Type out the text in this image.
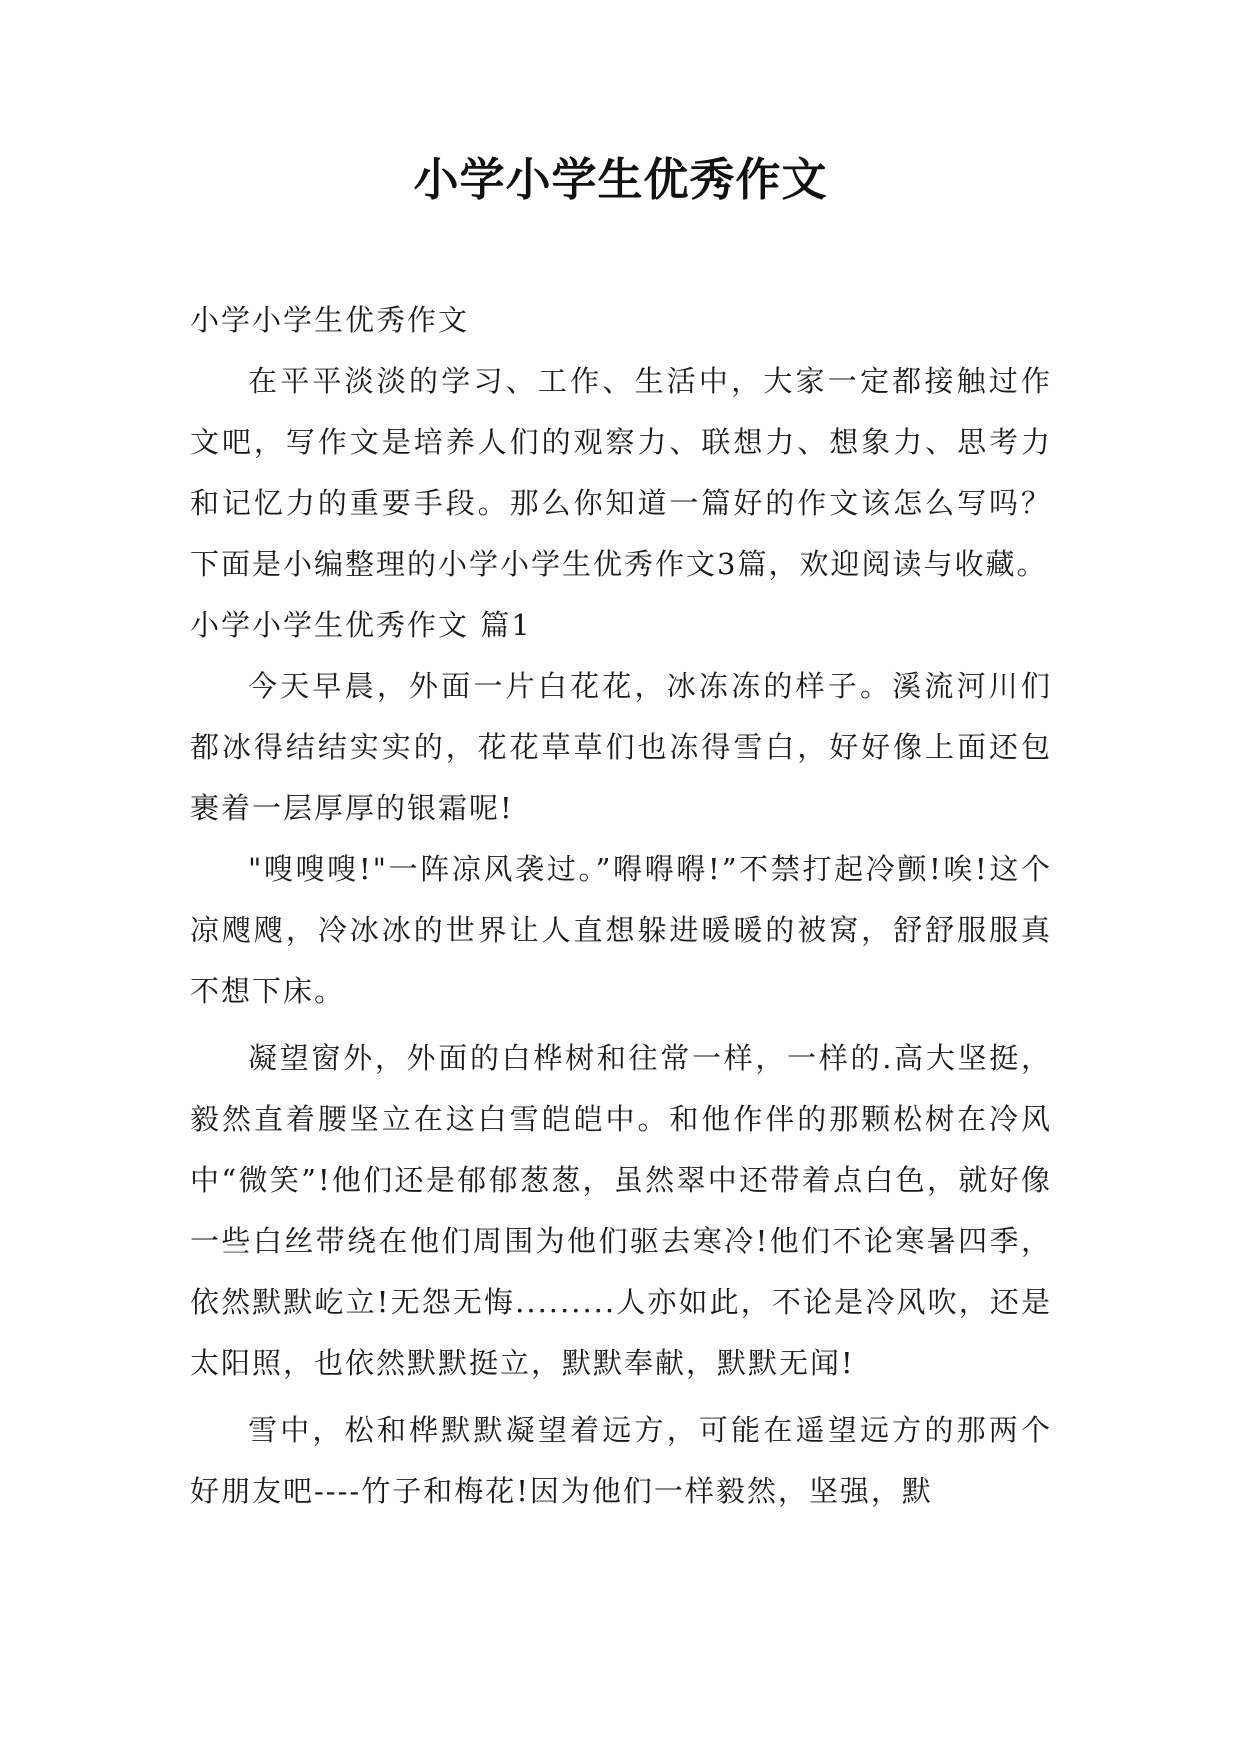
小学小学生优秀作文

小学小学生优秀作文

在平平淡淡的学习、工作、生活中，大家一定都接触过作文吧，写作文是培养人们的观察力、联想力、想象力、思考力和记忆力的重要手段。那么你知道一篇好的作文该怎么写吗？下面是小编整理的小学小学生优秀作文3篇，欢迎阅读与收藏。

小学小学生优秀作文 篇1

今天早晨，外面一片白花花，冰冻冻的样子。溪流河川们都冰得结结实实的，花花草草们也冻得雪白，好好像上面还包裹着一层厚厚的银霜呢!

"嗖嗖嗖!"一阵凉风袭过。”嘚嘚嘚!”不禁打起冷颤!唉!这个凉飕飕，冷冰冰的世界让人直想躲进暖暖的被窝，舒舒服服真不想下床。

凝望窗外，外面的白桦树和往常一样，一样的.高大坚挺，毅然直着腰坚立在这白雪皑皑中。和他作伴的那颗松树在冷风中“微笑”!他们还是郁郁葱葱，虽然翠中还带着点白色，就好像一些白丝带绕在他们周围为他们驱去寒冷!他们不论寒暑四季，依然默默屹立!无怨无悔.........人亦如此，不论是冷风吹，还是太阳照，也依然默默挺立，默默奉献，默默无闻!

雪中，松和桦默默凝望着远方，可能在遥望远方的那两个好朋友吧----竹子和梅花!因为他们一样毅然，坚强，默
